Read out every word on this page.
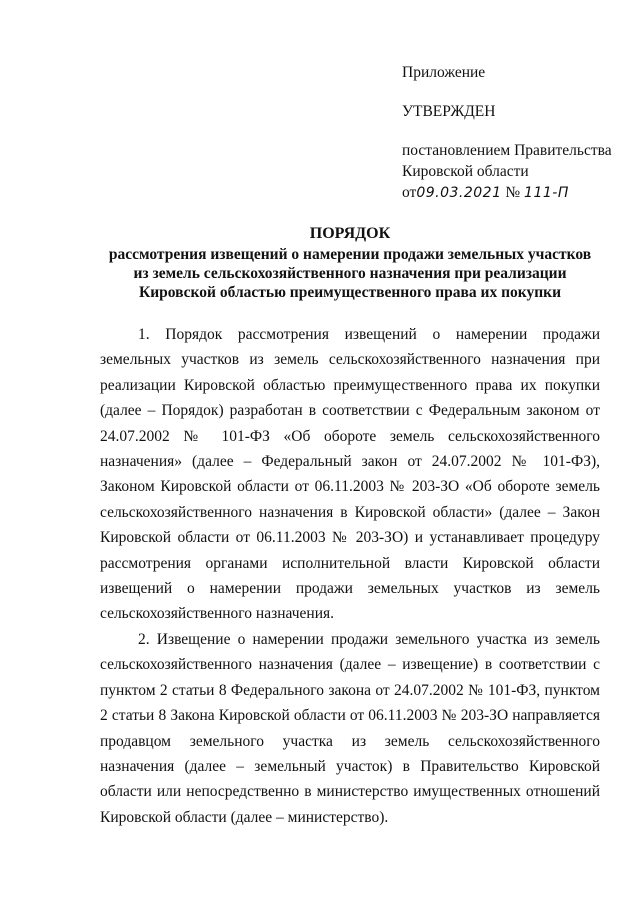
Приложение
УТВЕРЖДЕН
постановлением Правительства
Кировской области
от09.03.2021 № 111-П
ПОРЯДОК
рассмотрения извещений о намерении продажи земельных участков
из земель сельскохозяйственного назначения при реализации
Кировской областью преимущественного права их покупки

1. Порядок рассмотрения извещений о намерении продажи земельных участков из земель сельскохозяйственного назначения при реализации Кировской областью преимущественного права их покупки (далее – Порядок) разработан в соответствии с Федеральным законом от 24.07.2002 № 101-ФЗ «Об обороте земель сельскохозяйственного назначения» (далее – Федеральный закон от 24.07.2002 № 101-ФЗ), Законом Кировской области от 06.11.2003 № 203-ЗО «Об обороте земель сельскохозяйственного назначения в Кировской области» (далее – Закон Кировской области от 06.11.2003 № 203-ЗО) и устанавливает процедуру рассмотрения органами исполнительной власти Кировской области извещений о намерении продажи земельных участков из земель сельскохозяйственного назначения.

2. Извещение о намерении продажи земельного участка из земель сельскохозяйственного назначения (далее – извещение) в соответствии с пунктом 2 статьи 8 Федерального закона от 24.07.2002 № 101-ФЗ, пунктом 2 статьи 8 Закона Кировской области от 06.11.2003 № 203-ЗО направляется продавцом земельного участка из земель сельскохозяйственного назначения (далее – земельный участок) в Правительство Кировской области или непосредственно в министерство имущественных отношений Кировской области (далее – министерство).
